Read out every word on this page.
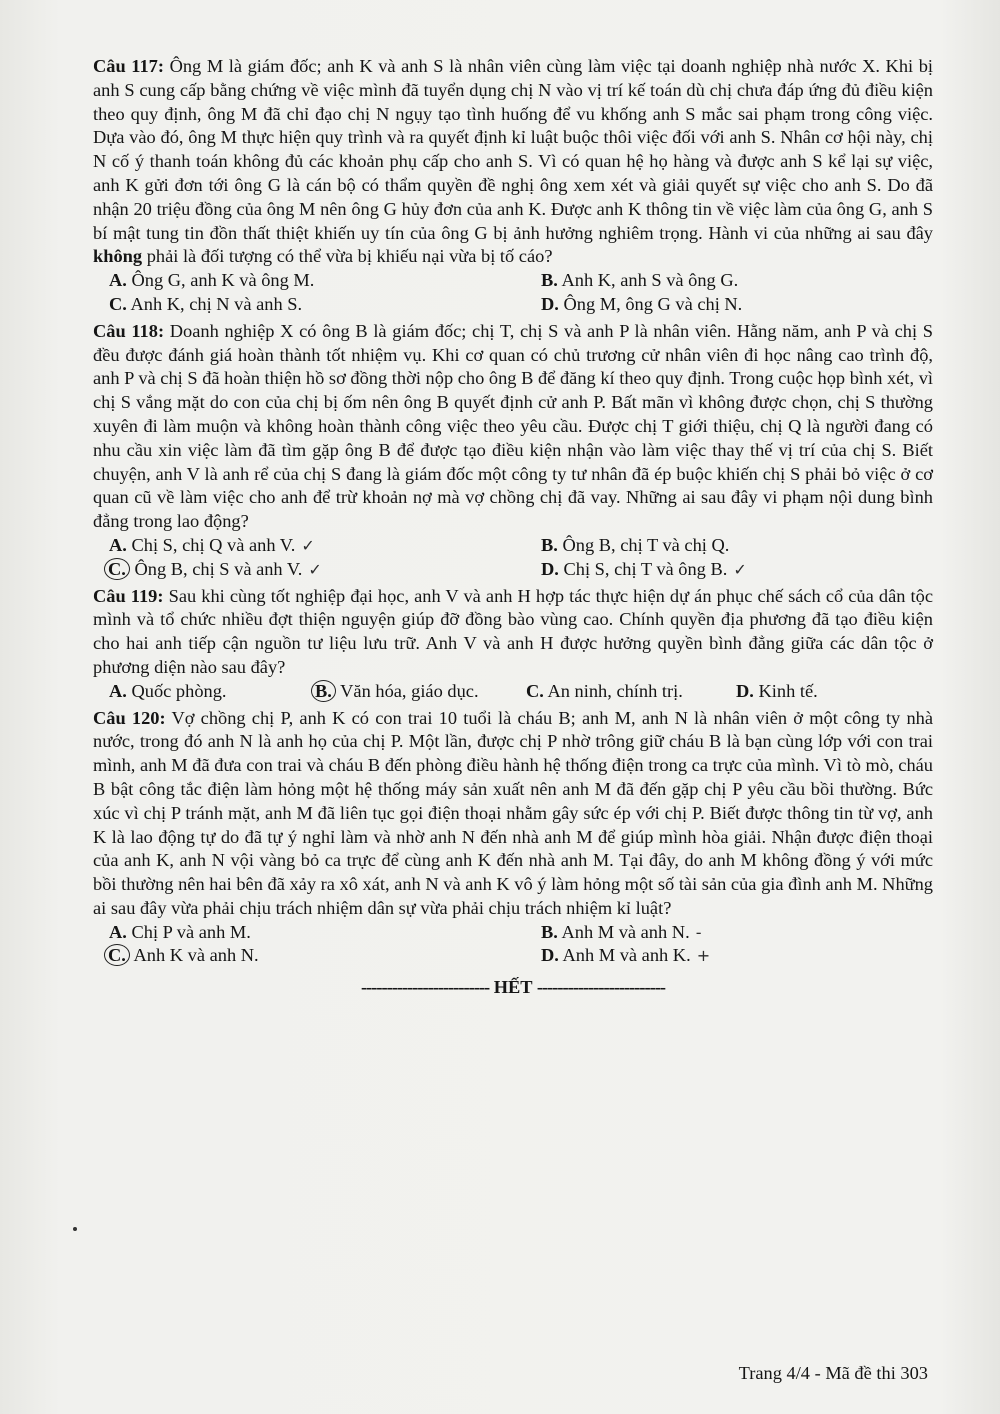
Câu 117: Ông M là giám đốc; anh K và anh S là nhân viên cùng làm việc tại doanh nghiệp nhà nước X. Khi bị anh S cung cấp bằng chứng về việc mình đã tuyển dụng chị N vào vị trí kế toán dù chị chưa đáp ứng đủ điều kiện theo quy định, ông M đã chỉ đạo chị N ngụy tạo tình huống để vu khống anh S mắc sai phạm trong công việc. Dựa vào đó, ông M thực hiện quy trình và ra quyết định kỉ luật buộc thôi việc đối với anh S. Nhân cơ hội này, chị N cố ý thanh toán không đủ các khoản phụ cấp cho anh S. Vì có quan hệ họ hàng và được anh S kể lại sự việc, anh K gửi đơn tới ông G là cán bộ có thẩm quyền đề nghị ông xem xét và giải quyết sự việc cho anh S. Do đã nhận 20 triệu đồng của ông M nên ông G hủy đơn của anh K. Được anh K thông tin về việc làm của ông G, anh S bí mật tung tin đồn thất thiệt khiến uy tín của ông G bị ảnh hưởng nghiêm trọng. Hành vi của những ai sau đây không phải là đối tượng có thể vừa bị khiếu nại vừa bị tố cáo?
A. Ông G, anh K và ông M.	B. Anh K, anh S và ông G.
C. Anh K, chị N và anh S.	D. Ông M, ông G và chị N.
Câu 118: Doanh nghiệp X có ông B là giám đốc; chị T, chị S và anh P là nhân viên. Hằng năm, anh P và chị S đều được đánh giá hoàn thành tốt nhiệm vụ. Khi cơ quan có chủ trương cử nhân viên đi học nâng cao trình độ, anh P và chị S đã hoàn thiện hồ sơ đồng thời nộp cho ông B để đăng kí theo quy định. Trong cuộc họp bình xét, vì chị S vắng mặt do con của chị bị ốm nên ông B quyết định cử anh P. Bất mãn vì không được chọn, chị S thường xuyên đi làm muộn và không hoàn thành công việc theo yêu cầu. Được chị T giới thiệu, chị Q là người đang có nhu cầu xin việc làm đã tìm gặp ông B để được tạo điều kiện nhận vào làm việc thay thế vị trí của chị S. Biết chuyện, anh V là anh rể của chị S đang là giám đốc một công ty tư nhân đã ép buộc khiến chị S phải bỏ việc ở cơ quan cũ về làm việc cho anh để trừ khoản nợ mà vợ chồng chị đã vay. Những ai sau đây vi phạm nội dung bình đẳng trong lao động?
A. Chị S, chị Q và anh V. ✓	B. Ông B, chị T và chị Q.
C. Ông B, chị S và anh V. ✓	D. Chị S, chị T và ông B. ✓
Câu 119: Sau khi cùng tốt nghiệp đại học, anh V và anh H hợp tác thực hiện dự án phục chế sách cổ của dân tộc mình và tổ chức nhiều đợt thiện nguyện giúp đỡ đồng bào vùng cao. Chính quyền địa phương đã tạo điều kiện cho hai anh tiếp cận nguồn tư liệu lưu trữ. Anh V và anh H được hưởng quyền bình đẳng giữa các dân tộc ở phương diện nào sau đây?
A. Quốc phòng.	B. Văn hóa, giáo dục.	C. An ninh, chính trị.	D. Kinh tế.
Câu 120: Vợ chồng chị P, anh K có con trai 10 tuổi là cháu B; anh M, anh N là nhân viên ở một công ty nhà nước, trong đó anh N là anh họ của chị P. Một lần, được chị P nhờ trông giữ cháu B là bạn cùng lớp với con trai mình, anh M đã đưa con trai và cháu B đến phòng điều hành hệ thống điện trong ca trực của mình. Vì tò mò, cháu B bật công tắc điện làm hỏng một hệ thống máy sản xuất nên anh M đã đến gặp chị P yêu cầu bồi thường. Bức xúc vì chị P tránh mặt, anh M đã liên tục gọi điện thoại nhằm gây sức ép với chị P. Biết được thông tin từ vợ, anh K là lao động tự do đã tự ý nghỉ làm và nhờ anh N đến nhà anh M để giúp mình hòa giải. Nhận được điện thoại của anh K, anh N vội vàng bỏ ca trực để cùng anh K đến nhà anh M. Tại đây, do anh M không đồng ý với mức bồi thường nên hai bên đã xảy ra xô xát, anh N và anh K vô ý làm hỏng một số tài sản của gia đình anh M. Những ai sau đây vừa phải chịu trách nhiệm dân sự vừa phải chịu trách nhiệm kỉ luật?
A. Chị P và anh M.	B. Anh M và anh N. -
C. Anh K và anh N.	D. Anh M và anh K. +
------------------------- HẾT -------------------------
Trang 4/4 - Mã đề thi 303
